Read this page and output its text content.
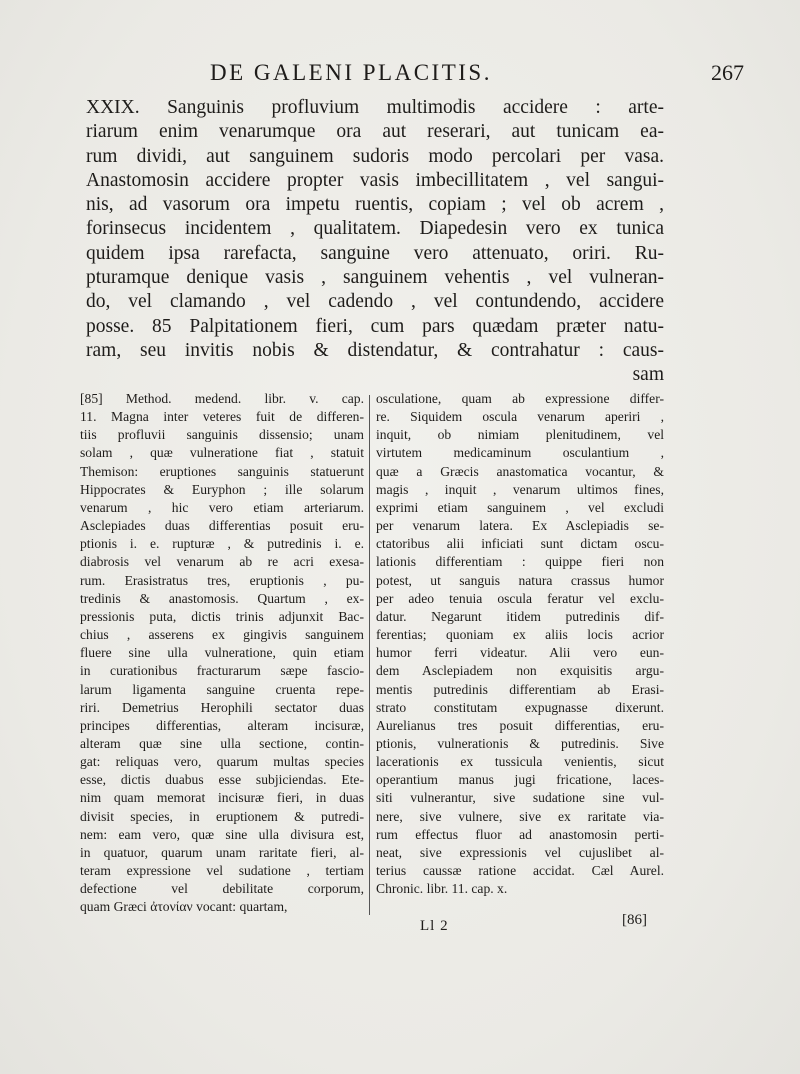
DE GALENI PLACITIS.	267
XXIX. Sanguinis profluvium multimodis accidere : arte-
riarum enim venarumque ora aut reserari, aut tunicam ea-
rum dividi, aut sanguinem sudoris modo percolari per vasa.
Anastomosin accidere propter vasis imbecillitatem , vel sangui-
nis, ad vasorum ora impetu ruentis, copiam ; vel ob acrem ,
forinsecus incidentem , qualitatem. Diapedesin vero ex tunica
quidem ipsa rarefacta, sanguine vero attenuato, oriri. Ru-
pturamque denique vasis , sanguinem vehentis , vel vulneran-
do, vel clamando , vel cadendo , vel contundendo, accidere
posse. 85 Palpitationem fieri, cum pars quædam præter natu-
ram, seu invitis nobis & distendatur, & contrahatur : caus-
sam
[85] Method. medend. libr. v. cap.
11. Magna inter veteres fuit de differen-
tiis profluvii sanguinis dissensio; unam
solam , quæ vulneratione fiat , statuit
Themison: eruptiones sanguinis statuerunt
Hippocrates & Euryphon ; ille solarum
venarum , hic vero etiam arteriarum.
Asclepiades duas differentias posuit eru-
ptionis i. e. rupturæ , & putredinis i. e.
diabrosis vel venarum ab re acri exesa-
rum. Erasistratus tres, eruptionis , pu-
tredinis & anastomosis. Quartum , ex-
pressionis puta, dictis trinis adjunxit Bac-
chius , asserens ex gingivis sanguinem
fluere sine ulla vulneratione, quin etiam
in curationibus fracturarum sæpe fascio-
larum ligamenta sanguine cruenta repe-
riri. Demetrius Herophili sectator duas
principes differentias, alteram incisuræ,
alteram quæ sine ulla sectione, contin-
gat: reliquas vero, quarum multas species
esse, dictis duabus esse subjiciendas. Ete-
nim quam memorat incisuræ fieri, in duas
divisit species, in eruptionem & putredi-
nem: eam vero, quæ sine ulla divisura est,
in quatuor, quarum unam raritate fieri, al-
teram expressione vel sudatione , tertiam
defectione vel debilitate corporum,
quam Græci ἀτονίαν vocant: quartam,
osculatione, quam ab expressione differ-
re. Siquidem oscula venarum aperiri ,
inquit, ob nimiam plenitudinem, vel
virtutem medicaminum osculantium ,
quæ a Græcis anastomatica vocantur, &
magis , inquit , venarum ultimos fines,
exprimi etiam sanguinem , vel excludi
per venarum latera. Ex Asclepiadis se-
ctatoribus alii inficiati sunt dictam oscu-
lationis differentiam : quippe fieri non
potest, ut sanguis natura crassus humor
per adeo tenuia oscula feratur vel exclu-
datur. Negarunt itidem putredinis dif-
ferentias; quoniam ex aliis locis acrior
humor ferri videatur. Alii vero eun-
dem Asclepiadem non exquisitis argu-
mentis putredinis differentiam ab Erasi-
strato constitutam expugnasse dixerunt.
Aurelianus tres posuit differentias, eru-
ptionis, vulnerationis & putredinis. Sive
lacerationis ex tussicula venientis, sicut
operantium manus jugi fricatione, laces-
siti vulnerantur, sive sudatione sine vul-
nere, sive vulnere, sive ex raritate via-
rum effectus fluor ad anastomosin perti-
neat, sive expressionis vel cujuslibet al-
terius caussæ ratione accidat. Cæl Aurel.
Chronic. libr. 11. cap. x.
Ll 2	[86]
